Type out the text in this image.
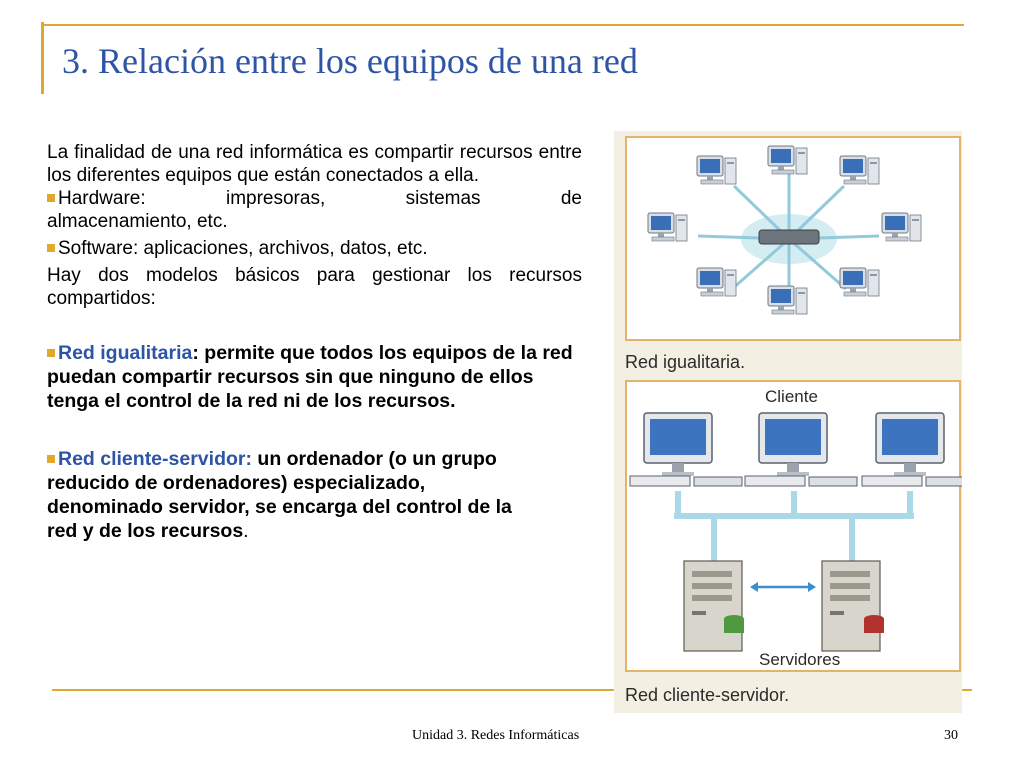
3. Relación entre los equipos de una red

La finalidad de una red informática es compartir recursos entre los diferentes equipos que están conectados a ella.

Hardware:	impresoras,	sistemas	de
almacenamiento, etc.

Software: aplicaciones, archivos, datos, etc.

Hay dos modelos básicos para gestionar los recursos compartidos:

Red igualitaria: permite que todos los equipos de la red puedan compartir recursos sin que ninguno de ellos tenga el control de la red ni de los recursos.

Red cliente-servidor: un ordenador (o un grupo reducido de ordenadores) especializado, denominado servidor, se encarga del control de la red y de los recursos.

Red igualitaria.
Cliente
Servidores
Red cliente-servidor.
Unidad 3. Redes Informáticas	30
